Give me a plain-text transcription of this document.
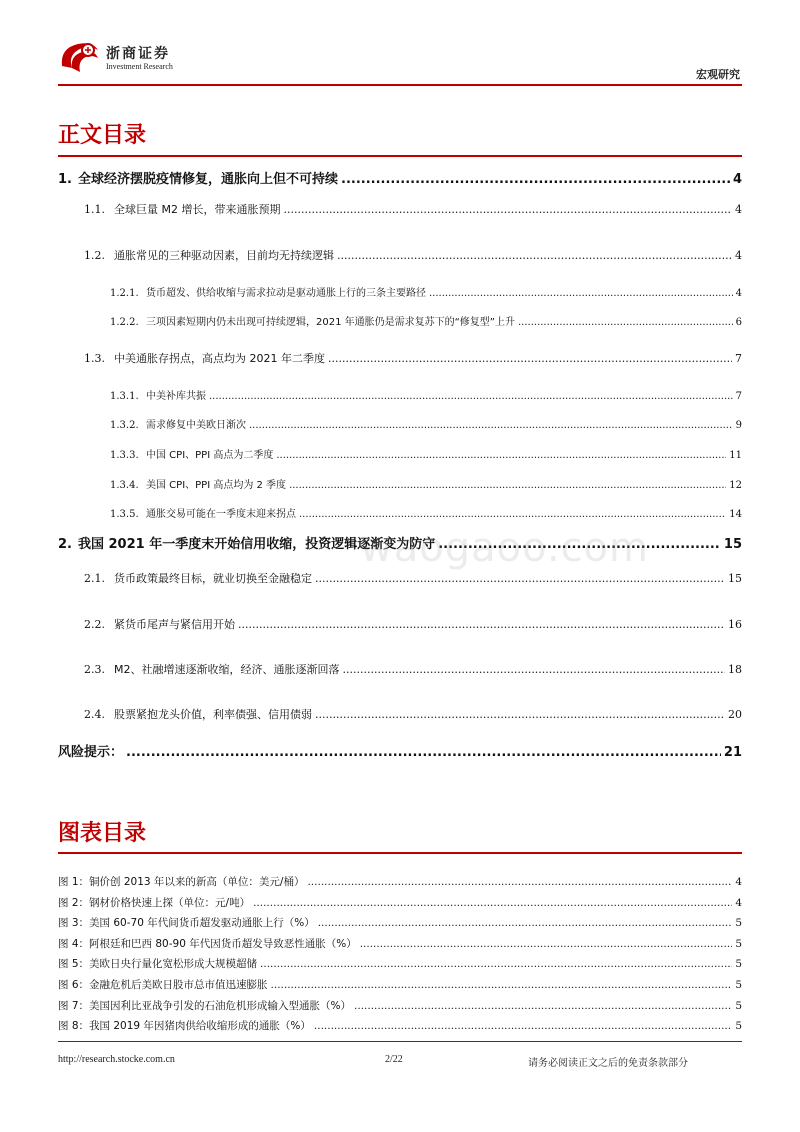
浙商证券
Investment Research
宏观研究
正文目录
1. 全球经济摆脱疫情修复，通胀向上但不可持续 .....	4
1.1. 全球巨量 M2 增长，带来通胀预期 .....	4
1.2. 通胀常见的三种驱动因素，目前均无持续逻辑 .....	4
1.2.1. 货币超发、供给收缩与需求拉动是驱动通胀上行的三条主要路径 .....	4
1.2.2. 三项因素短期内仍未出现可持续逻辑，2021 年通胀仍是需求复苏下的“修复型”上升 .....	6
1.3. 中美通胀存拐点，高点均为 2021 年二季度 .....	7
1.3.1. 中美补库共振 .....	7
1.3.2. 需求修复中美欧日渐次 .....	9
1.3.3. 中国 CPI、PPI 高点为二季度 .....	11
1.3.4. 美国 CPI、PPI 高点均为 2 季度 .....	12
1.3.5. 通胀交易可能在一季度末迎来拐点 .....	14
2. 我国 2021 年一季度末开始信用收缩，投资逻辑逐渐变为防守 .....	15
2.1. 货币政策最终目标，就业切换至金融稳定 .....	15
2.2. 紧货币尾声与紧信用开始 .....	16
2.3. M2、社融增速逐渐收缩，经济、通胀逐渐回落 .....	18
2.4. 股票紧抱龙头价值，利率债强、信用债弱 .....	20
风险提示： .....	21
图表目录
图 1： 铜价创 2013 年以来的新高（单位：美元/桶） .....	4
图 2： 钢材价格快速上探（单位：元/吨） .....	4
图 3： 美国 60-70 年代间货币超发驱动通胀上行（%） .....	5
图 4： 阿根廷和巴西 80-90 年代因货币超发导致恶性通胀（%） .....	5
图 5： 美欧日央行量化宽松形成大规模超储 .....	5
图 6： 金融危机后美欧日股市总市值迅速膨胀 .....	5
图 7： 美国因利比亚战争引发的石油危机形成输入型通胀（%） .....	5
图 8： 我国 2019 年因猪肉供给收缩形成的通胀（%） .....	5
waogaoo.com
http://research.stocke.com.cn	2/22	请务必阅读正文之后的免责条款部分
